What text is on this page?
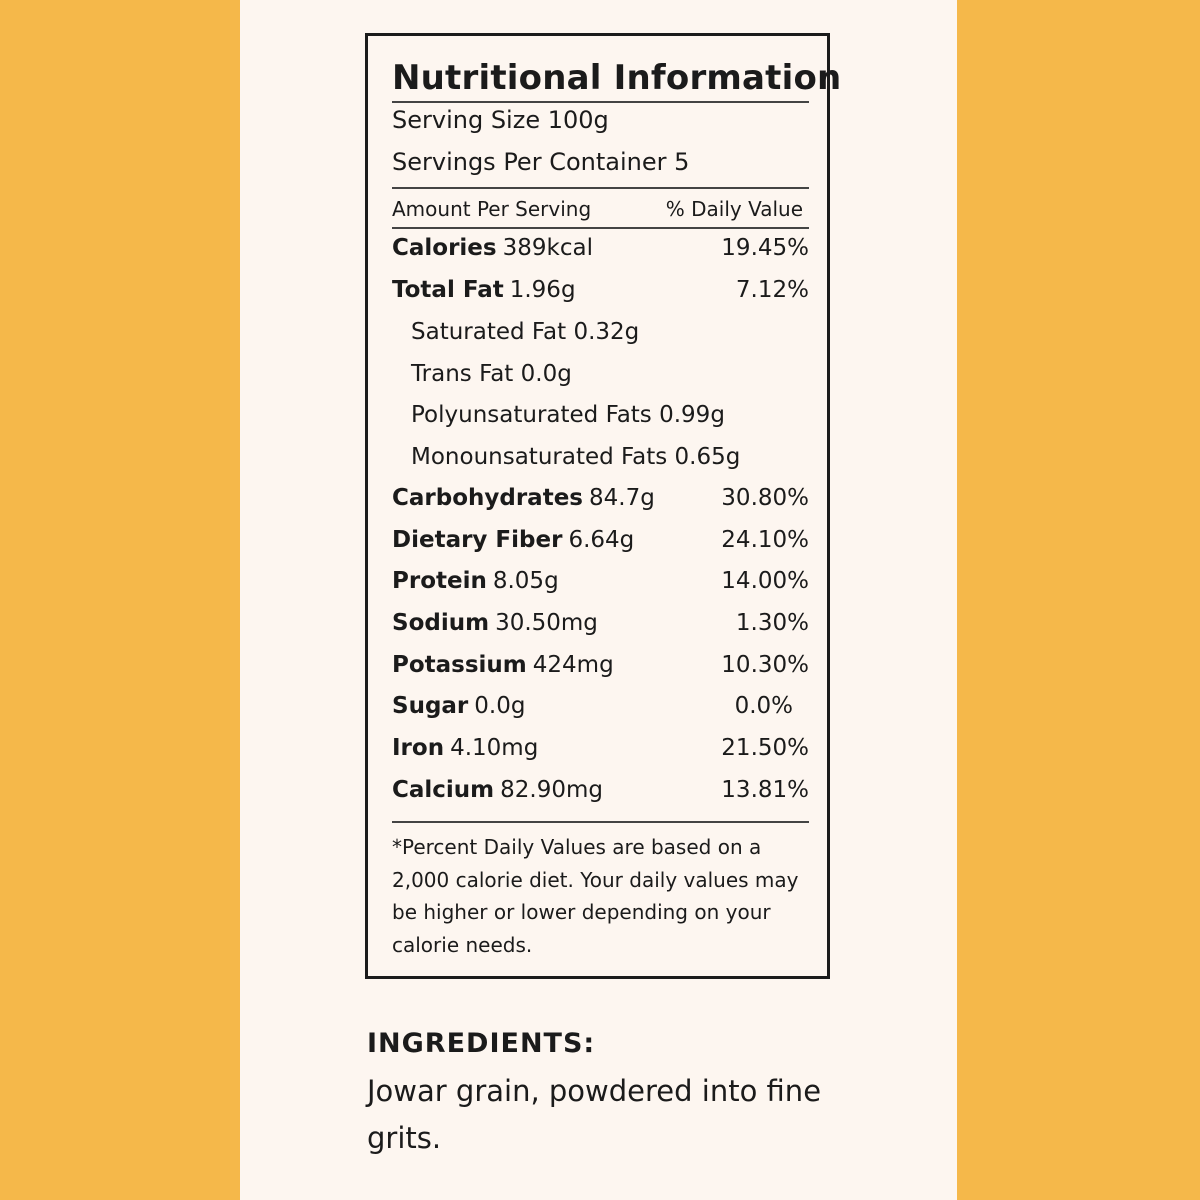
Nutritional Information
Serving Size 100g
Servings Per Container 5
Amount Per Serving	% Daily Value
Calories 389kcal	19.45%
Total Fat 1.96g	7.12%
Saturated Fat 0.32g
Trans Fat 0.0g
Polyunsaturated Fats 0.99g
Monounsaturated Fats 0.65g
Carbohydrates 84.7g	30.80%
Dietary Fiber 6.64g	24.10%
Protein 8.05g	14.00%
Sodium 30.50mg	1.30%
Potassium 424mg	10.30%
Sugar 0.0g	0.0%
Iron 4.10mg	21.50%
Calcium 82.90mg	13.81%
*Percent Daily Values are based on a 2,000 calorie diet. Your daily values may be higher or lower depending on your calorie needs.
INGREDIENTS:
Jowar grain, powdered into fine grits.
